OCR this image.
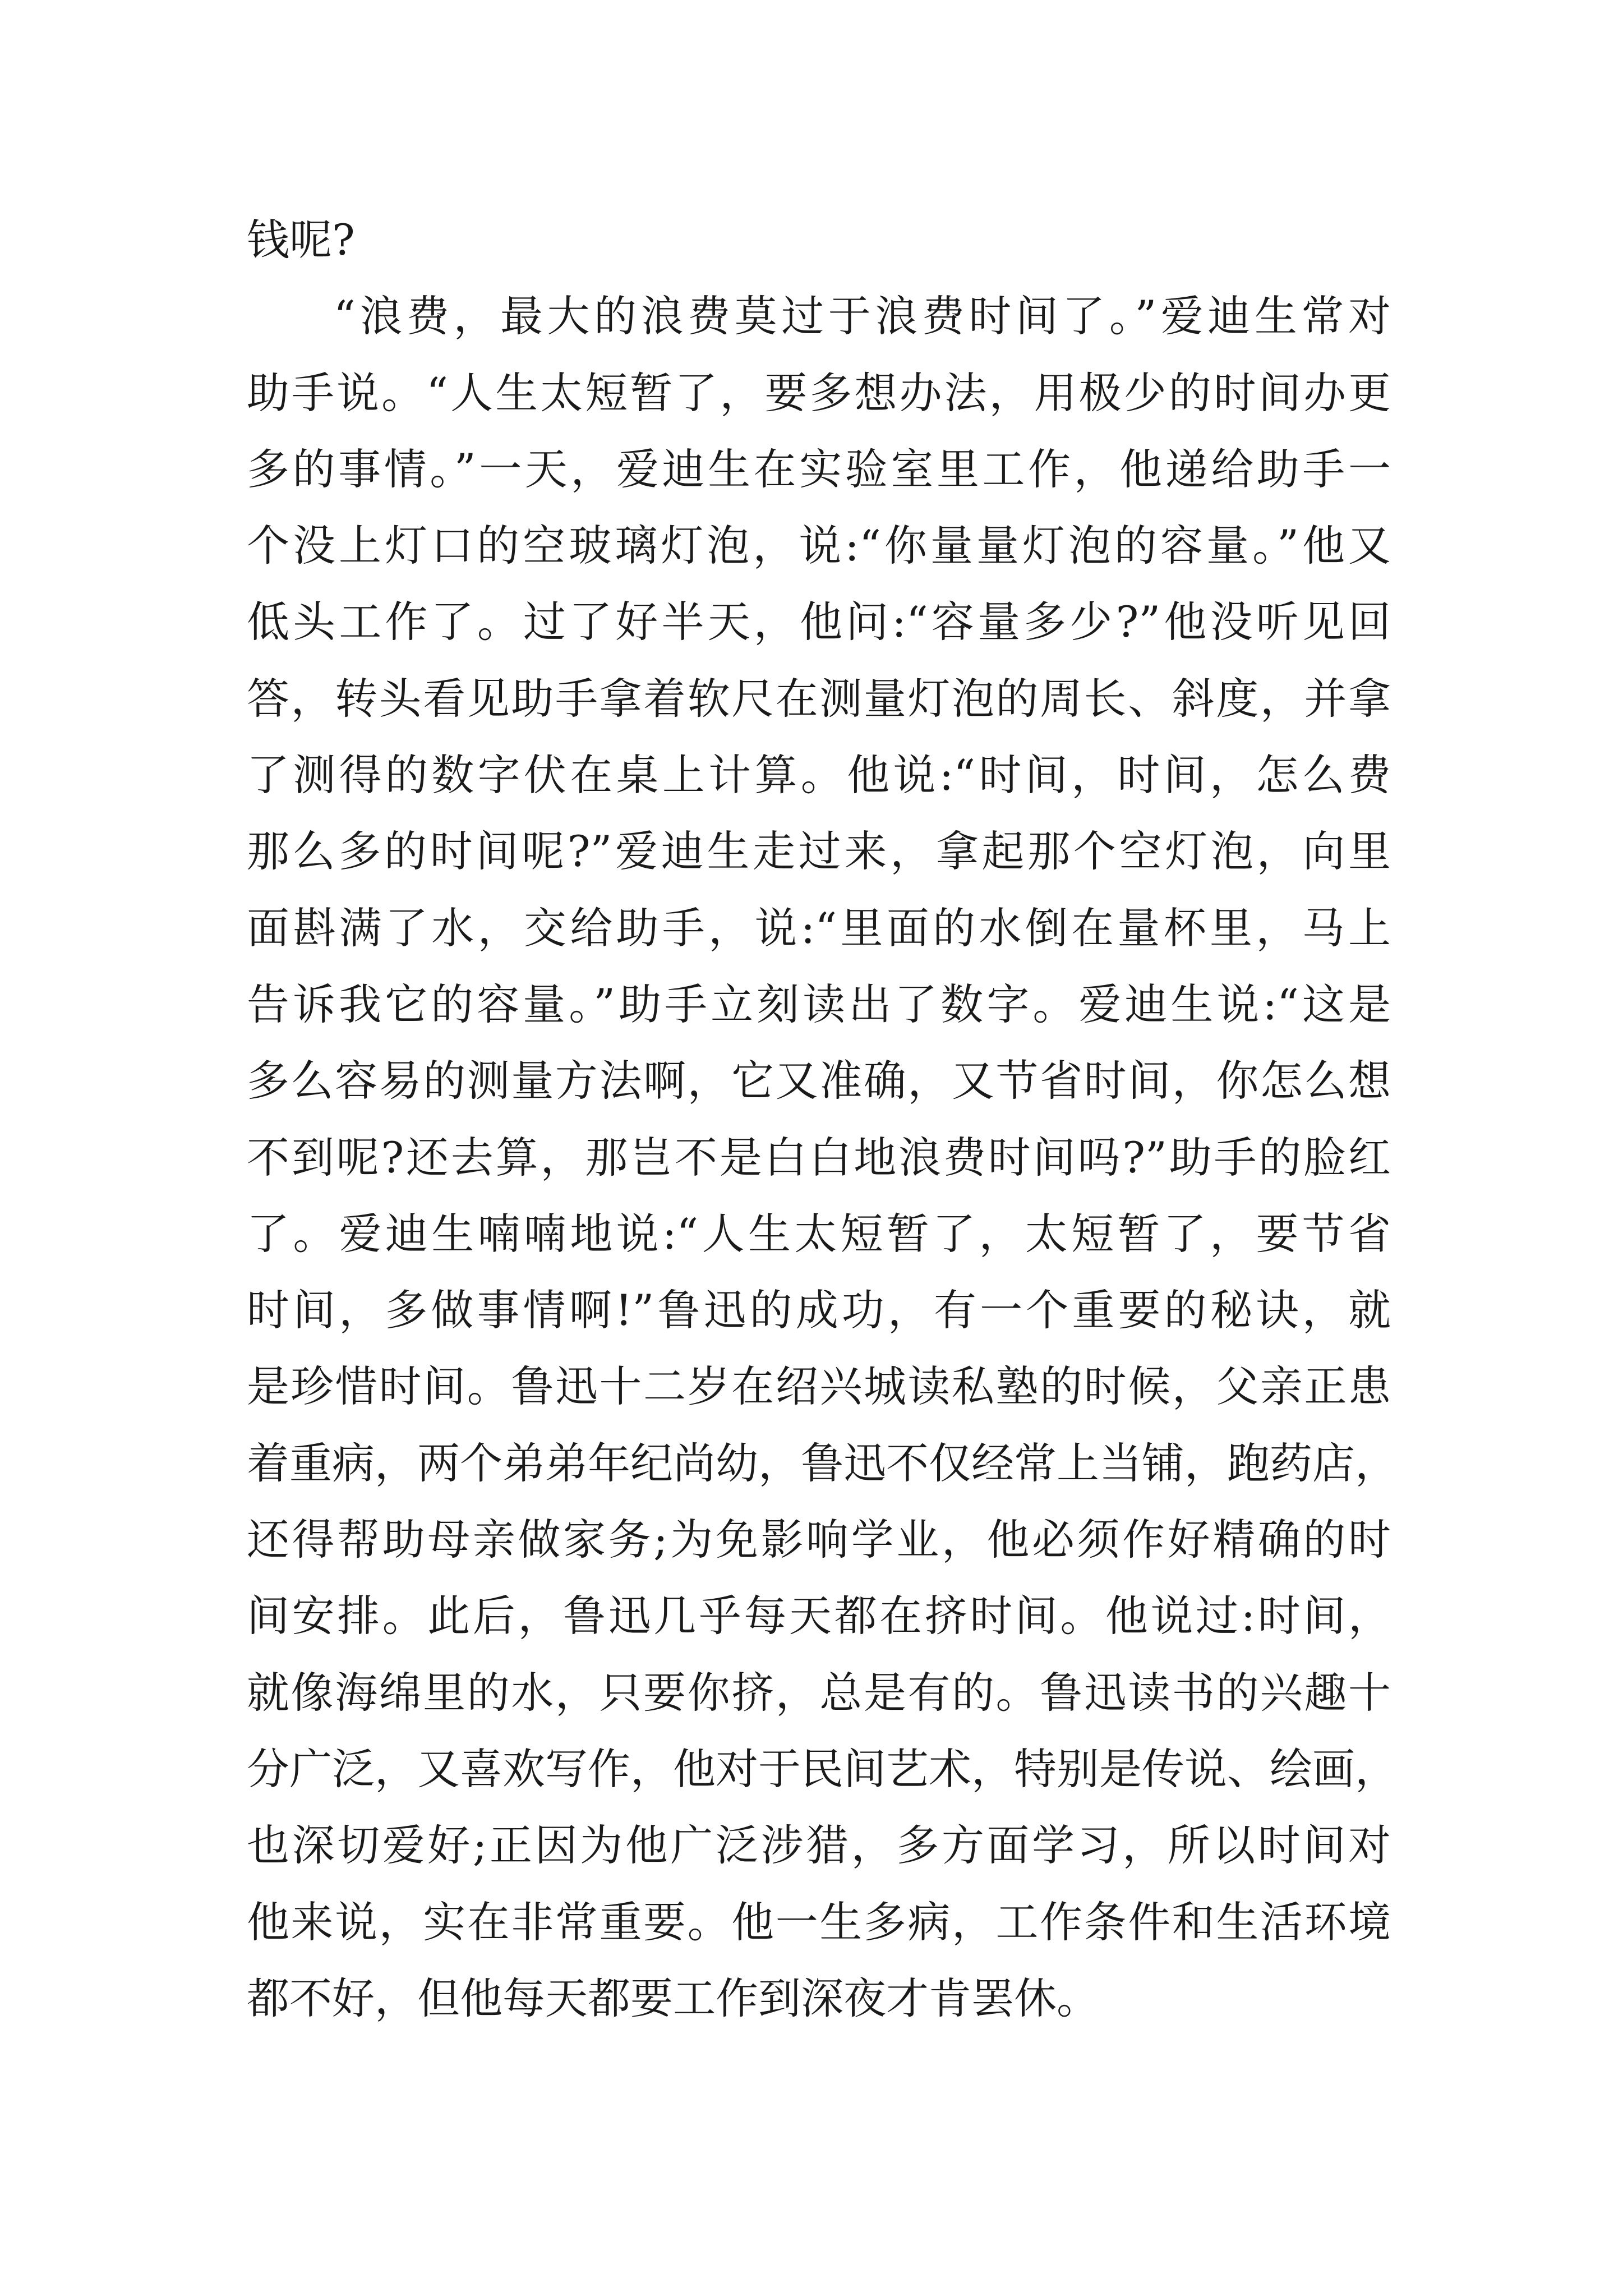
钱呢?
“浪费，最大的浪费莫过于浪费时间了。”爱迪生常对
助手说。“人生太短暂了，要多想办法，用极少的时间办更
多的事情。”一天，爱迪生在实验室里工作，他递给助手一
个没上灯口的空玻璃灯泡，说:“你量量灯泡的容量。”他又
低头工作了。过了好半天，他问:“容量多少?”他没听见回
答，转头看见助手拿着软尺在测量灯泡的周长、斜度，并拿
了测得的数字伏在桌上计算。他说:“时间，时间，怎么费
那么多的时间呢?”爱迪生走过来，拿起那个空灯泡，向里
面斟满了水，交给助手，说:“里面的水倒在量杯里，马上
告诉我它的容量。”助手立刻读出了数字。爱迪生说:“这是
多么容易的测量方法啊，它又准确，又节省时间，你怎么想
不到呢?还去算，那岂不是白白地浪费时间吗?”助手的脸红
了。爱迪生喃喃地说:“人生太短暂了，太短暂了，要节省
时间，多做事情啊!”鲁迅的成功，有一个重要的秘诀，就
是珍惜时间。鲁迅十二岁在绍兴城读私塾的时候，父亲正患
着重病，两个弟弟年纪尚幼，鲁迅不仅经常上当铺，跑药店，
还得帮助母亲做家务;为免影响学业，他必须作好精确的时
间安排。此后，鲁迅几乎每天都在挤时间。他说过:时间，
就像海绵里的水，只要你挤，总是有的。鲁迅读书的兴趣十
分广泛，又喜欢写作，他对于民间艺术，特别是传说、绘画，
也深切爱好;正因为他广泛涉猎，多方面学习，所以时间对
他来说，实在非常重要。他一生多病，工作条件和生活环境
都不好，但他每天都要工作到深夜才肯罢休。
